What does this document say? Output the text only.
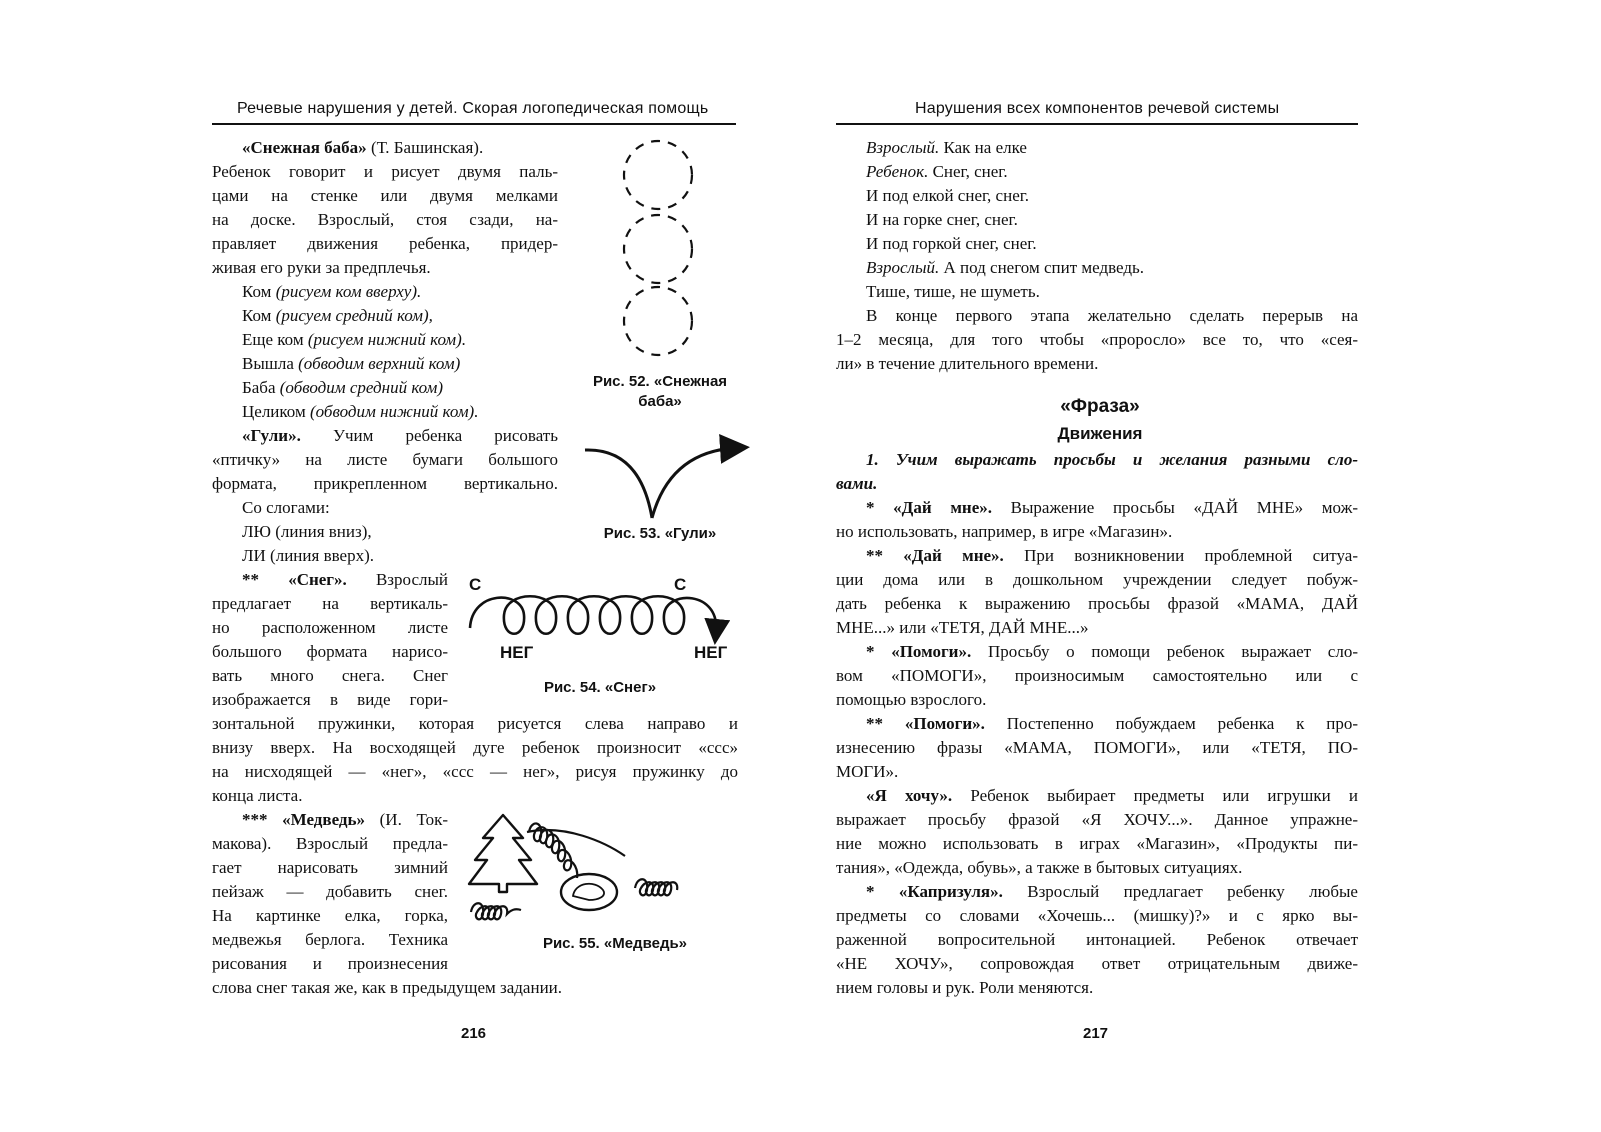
Речевые нарушения у детей. Скорая логопедическая помощь
«Снежная баба» (Т. Башинская).
Ребенок говорит и рисует двумя паль-
цами на стенке или двумя мелками
на доске. Взрослый, стоя сзади, на-
правляет движения ребенка, придер-
живая его руки за предплечья.
Ком (рисуем ком вверху).
Ком (рисуем средний ком),
Еще ком (рисуем нижний ком).
Вышла (обводим верхний ком)
Баба (обводим средний ком)
Целиком (обводим нижний ком).
«Гули». Учим ребенка рисовать
«птичку» на листе бумаги большого
формата, прикрепленном вертикально.
Со слогами:
ЛЮ (линия вниз),
ЛИ (линия вверх).
** «Снег». Взрослый
предлагает на вертикаль-
но расположенном листе
большого формата нарисо-
вать много снега. Снег
изображается в виде гори-
зонтальной пружинки, которая рисуется слева направо и
внизу вверх. На восходящей дуге ребенок произносит «ссс»
на нисходящей — «нег», «ссс — нег», рисуя пружинку до
конца листа.
*** «Медведь» (И. Ток-
макова). Взрослый предла-
гает нарисовать зимний
пейзаж — добавить снег.
На картинке елка, горка,
медвежья берлога. Техника
рисования и произнесения
слова снег такая же, как в предыдущем задании.
Рис. 52. «Снежная
баба»
Рис. 53. «Гули»
С	С
НЕГ	НЕГ
Рис. 54. «Снег»
Рис. 55. «Медведь»
216
Нарушения всех компонентов речевой системы
Взрослый. Как на елке
Ребенок. Снег, снег.
И под елкой снег, снег.
И на горке снег, снег.
И под горкой снег, снег.
Взрослый. А под снегом спит медведь.
Тише, тише, не шуметь.
В конце первого этапа желательно сделать перерыв на
1–2 месяца, для того чтобы «проросло» все то, что «сея-
ли» в течение длительного времени.
1. Учим выражать просьбы и желания разными сло-
вами.
* «Дай мне». Выражение просьбы «ДАЙ МНЕ» мож-
но использовать, например, в игре «Магазин».
** «Дай мне». При возникновении проблемной ситуа-
ции дома или в дошкольном учреждении следует побуж-
дать ребенка к выражению просьбы фразой «МАМА, ДАЙ
МНЕ...» или «ТЕТЯ, ДАЙ МНЕ...»
* «Помоги». Просьбу о помощи ребенок выражает сло-
вом «ПОМОГИ», произносимым самостоятельно или с
помощью взрослого.
** «Помоги». Постепенно побуждаем ребенка к про-
изнесению фразы «МАМА, ПОМОГИ», или «ТЕТЯ, ПО-
МОГИ».
«Я хочу». Ребенок выбирает предметы или игрушки и
выражает просьбу фразой «Я ХОЧУ...». Данное упражне-
ние можно использовать в играх «Магазин», «Продукты пи-
тания», «Одежда, обувь», а также в бытовых ситуациях.
* «Капризуля». Взрослый предлагает ребенку любые
предметы со словами «Хочешь... (мишку)?» и с ярко вы-
раженной вопросительной интонацией. Ребенок отвечает
«НЕ ХОЧУ», сопровождая ответ отрицательным движе-
нием головы и рук. Роли меняются.
«Фраза»
Движения
217
